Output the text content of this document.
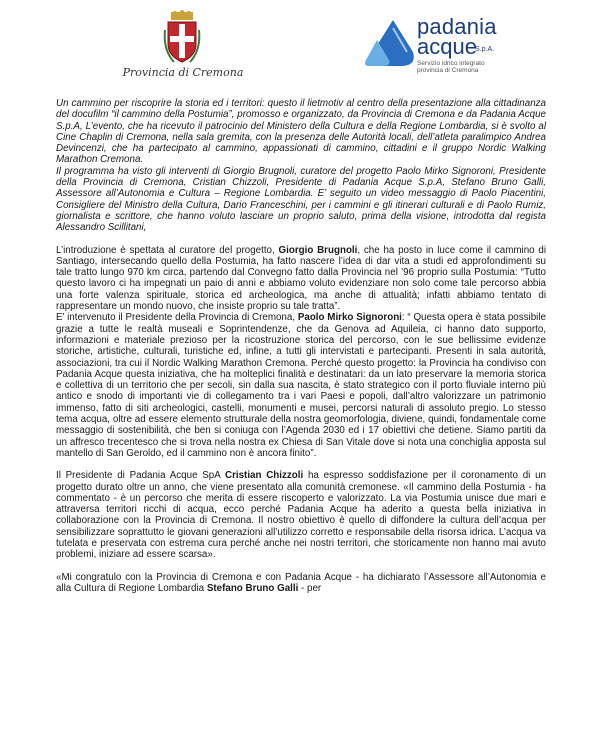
Provincia di Cremona
padania
acque
S.p.A.
Servizio idrico integrato
provincia di Cremona

Un cammino per riscoprire la storia ed i territori: questo il lietmotiv al centro della presentazione alla cittadinanza del docufilm “il cammino della Postumia”, promosso e organizzato, da Provincia di Cremona e da Padania Acque S.p.A, L’evento, che ha ricevuto il patrocinio del Ministero della Cultura e della Regione Lombardia, si è svolto al Cine Chaplin di Cremona, nella sala gremita, con la presenza delle Autorità locali, dell’atleta paralimpico Andrea Devincenzi, che ha partecipato al cammino, appassionati di cammino, cittadini e il gruppo Nordic Walking Marathon Cremona.

Il programma ha visto gli interventi di Giorgio Brugnoli, curatore del progetto Paolo Mirko Signoroni, Presidente della Provincia di Cremona, Cristian Chizzoli, Presidente di Padania Acque S.p.A, Stefano Bruno Galli, Assessore all’Autonomia e Cultura – Regione Lombardia. E’ seguito un video messaggio di Paolo Piacentini, Consigliere del Ministro della Cultura, Dario Franceschini, per i cammini e gli itinerari culturali e di Paolo Rumiz, giornalista e scrittore, che hanno voluto lasciare un proprio saluto, prima della visione, introdotta dal regista Alessandro Scillitani,

L’introduzione è spettata al curatore del progetto, Giorgio Brugnoli, che ha posto in luce come il cammino di Santiago, intersecando quello della Postumia, ha fatto nascere l’idea di dar vita a studi ed approfondimenti su tale tratto lungo 970 km circa, partendo dal Convegno fatto dalla Provincia nel ’96 proprio sulla Postumia: “Tutto questo lavoro ci ha impegnati un paio di anni e abbiamo voluto evidenziare non solo come tale percorso abbia una forte valenza spirituale, storica ed archeologica, ma anche di attualità; infatti abbiamo tentato di rappresentare un mondo nuovo, che insiste proprio su tale tratta”.

E’ intervenuto il Presidente della Provincia di Cremona, Paolo Mirko Signoroni: “ Questa opera è stata possibile grazie a tutte le realtà museali e Soprintendenze, che da Genova ad Aquileia, ci hanno dato supporto, informazioni e materiale prezioso per la ricostruzione storica del percorso, con le sue bellissime evidenze storiche, artistiche, culturali, turistiche ed, infine, a tutti gli intervistati e partecipanti. Presenti in sala autorità, associazioni, tra cui il Nordic Walking Marathon Cremona. Perché questo progetto: la Provincia ha condiviso con Padania Acque questa iniziativa, che ha molteplici finalità e destinatari: da un lato preservare la memoria storica e collettiva di un territorio che per secoli, sin dalla sua nascita, è stato strategico con il porto fluviale interno più antico e snodo di importanti vie di collegamento tra i vari Paesi e popoli, dall’altro valorizzare un patrimonio immenso, fatto di siti archeologici, castelli, monumenti e musei, percorsi naturali di assoluto pregio. Lo stesso tema acqua, oltre ad essere elemento strutturale della nostra geomorfologia, diviene, quindi, fondamentale come messaggio di sostenibilità, che ben si coniuga con l’Agenda 2030 ed i 17 obiettivi che detiene. Siamo partiti da un affresco trecentesco che si trova nella nostra ex Chiesa di San Vitale dove si nota una conchiglia apposta sul mantello di San Geroldo, ed il cammino non è ancora finito”.

Il Presidente di Padania Acque SpA Cristian Chizzoli ha espresso soddisfazione per il coronamento di un progetto durato oltre un anno, che viene presentato alla comunità cremonese. «Il cammino della Postumia - ha commentato - è un percorso che merita di essere riscoperto e valorizzato. La via Postumia unisce due mari e attraversa territori ricchi di acqua, ecco perché Padania Acque ha aderito a questa bella iniziativa in collaborazione con la Provincia di Cremona. Il nostro obiettivo è quello di diffondere la cultura dell’acqua per sensibilizzare soprattutto le giovani generazioni all’utilizzo corretto e responsabile della risorsa idrica. L’acqua va tutelata e preservata con estrema cura perché anche nei nostri territori, che storicamente non hanno mai avuto problemi, iniziare ad essere scarsa».

«Mi congratulo con la Provincia di Cremona e con Padania Acque - ha dichiarato l’Assessore all’Autonomia e alla Cultura di Regione Lombardia Stefano Bruno Galli - per
